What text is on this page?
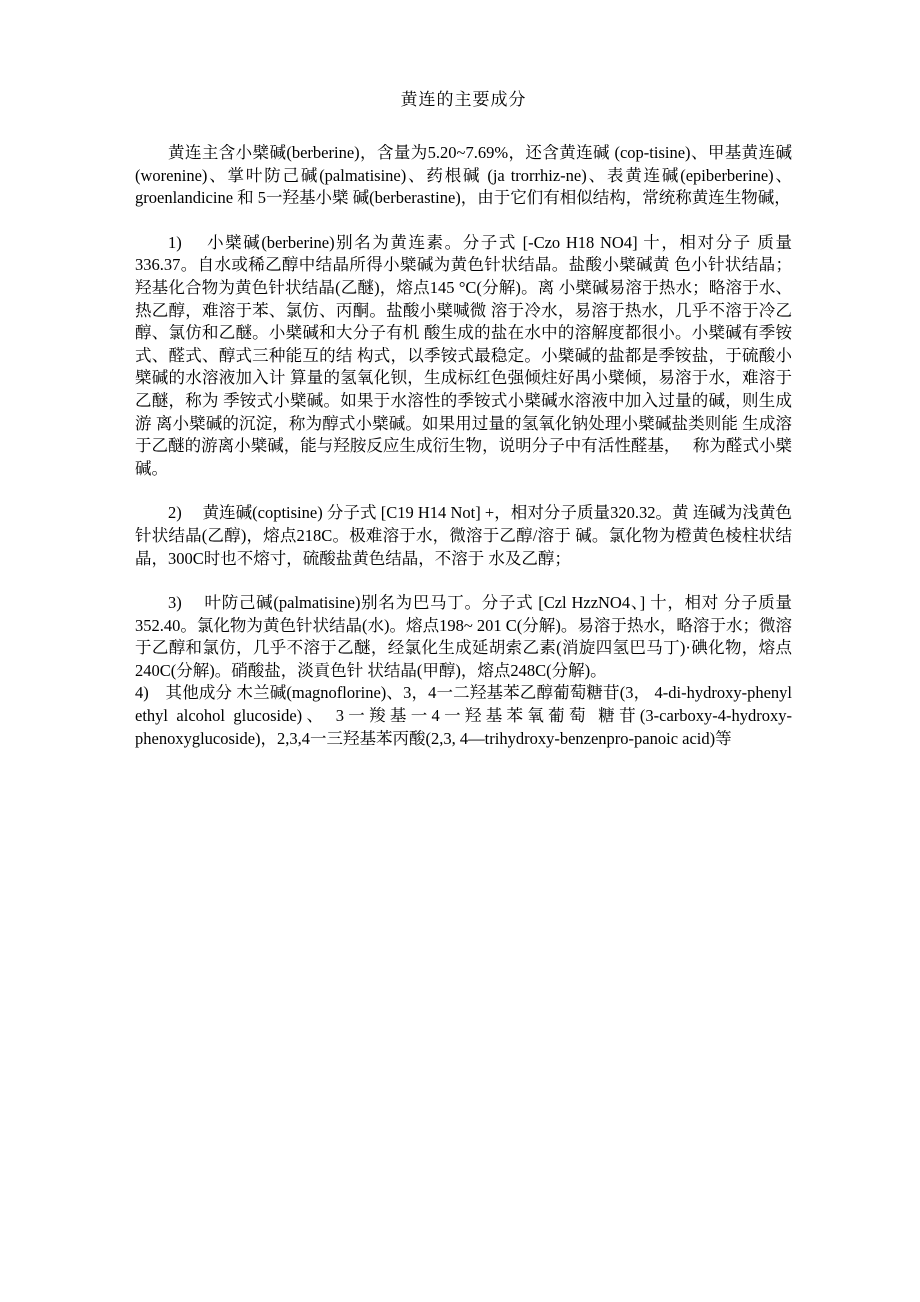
黄连的主要成分

黄连主含小檗碱(berberine)，含量为5.20~7.69%，还含黄连碱 (cop-tisine)、甲基黄连碱(worenine)、掌叶防己碱(palmatisine)、药根碱 (ja trorrhiz-ne)、表黄连碱(epiberberine)、groenlandicine 和 5一羟基小檗 碱(berberastine)，由于它们有相似结构，常统称黄连生物碱，

1)　 小檗碱(berberine)别名为黄连素。分子式 [-Czo H18 NO4] 十，相对分子 质量336.37。自水或稀乙醇中结晶所得小檗碱为黄色针状结晶。盐酸小檗碱黄 色小针状结晶；羟基化合物为黄色针状结晶(乙醚)，熔点145 °C(分解)。离 小檗碱易溶于热水；略溶于水、热乙醇，难溶于苯、氯仿、丙酮。盐酸小檗喊微 溶于冷水，易溶于热水，几乎不溶于冷乙醇、氯仿和乙醚。小檗碱和大分子有机 酸生成的盐在水中的溶解度都很小。小檗碱有季铵式、醛式、醇式三种能互的结 构式，以季铵式最稳定。小檗碱的盐都是季铵盐，于硫酸小檗碱的水溶液加入计 算量的氢氧化钡，生成标红色强倾炷好禺小檗倾，易溶于水，难溶于乙醚，称为 季铵式小檗碱。如果于水溶性的季铵式小檗碱水溶液中加入过量的碱，则生成游 离小檗碱的沉淀，称为醇式小檗碱。如果用过量的氢氧化钠处理小檗碱盐类则能 生成溶于乙醚的游离小檗碱，能与羟胺反应生成衍生物，说明分子中有活性醛基，　 称为醛式小檗碱。

2)　 黄连碱(coptisine) 分子式 [C19 H14 Not] +，相对分子质量320.32。黄 连碱为浅黄色针状结晶(乙醇)，熔点218C。极难溶于水，微溶于乙醇/溶于 碱。氯化物为橙黄色棱柱状结晶，300C时也不熔寸，硫酸盐黄色结晶，不溶于 水及乙醇；

3)　 叶防己碱(palmatisine)别名为巴马丁。分子式 [Czl HzzNO4、] 十，相对 分子质量352.40。氯化物为黄色针状结晶(水)。熔点198~ 201 C(分解)。易溶于热水，略溶于水；微溶于乙醇和氯仿，几乎不溶于乙醚，经氯化生成延胡索乙素(消旋四氢巴马丁)·碘化物，熔点240C(分解)。硝酸盐，淡貢色针 状结晶(甲醇)，熔点248C(分解)。

4)　其他成分 木兰碱(magnoflorine)、3，4一二羟基苯乙醇葡萄糖苷(3， 4-di-hydroxy-phenyl ethyl alcohol glucoside)、 3一羧基一4一羟基苯氧葡萄 糖苷(3-carboxy-4-hydroxy-phenoxyglucoside)，2,3,4一三羟基苯丙酸(2,3, 4—trihydroxy-benzenpro-panoic acid)等
